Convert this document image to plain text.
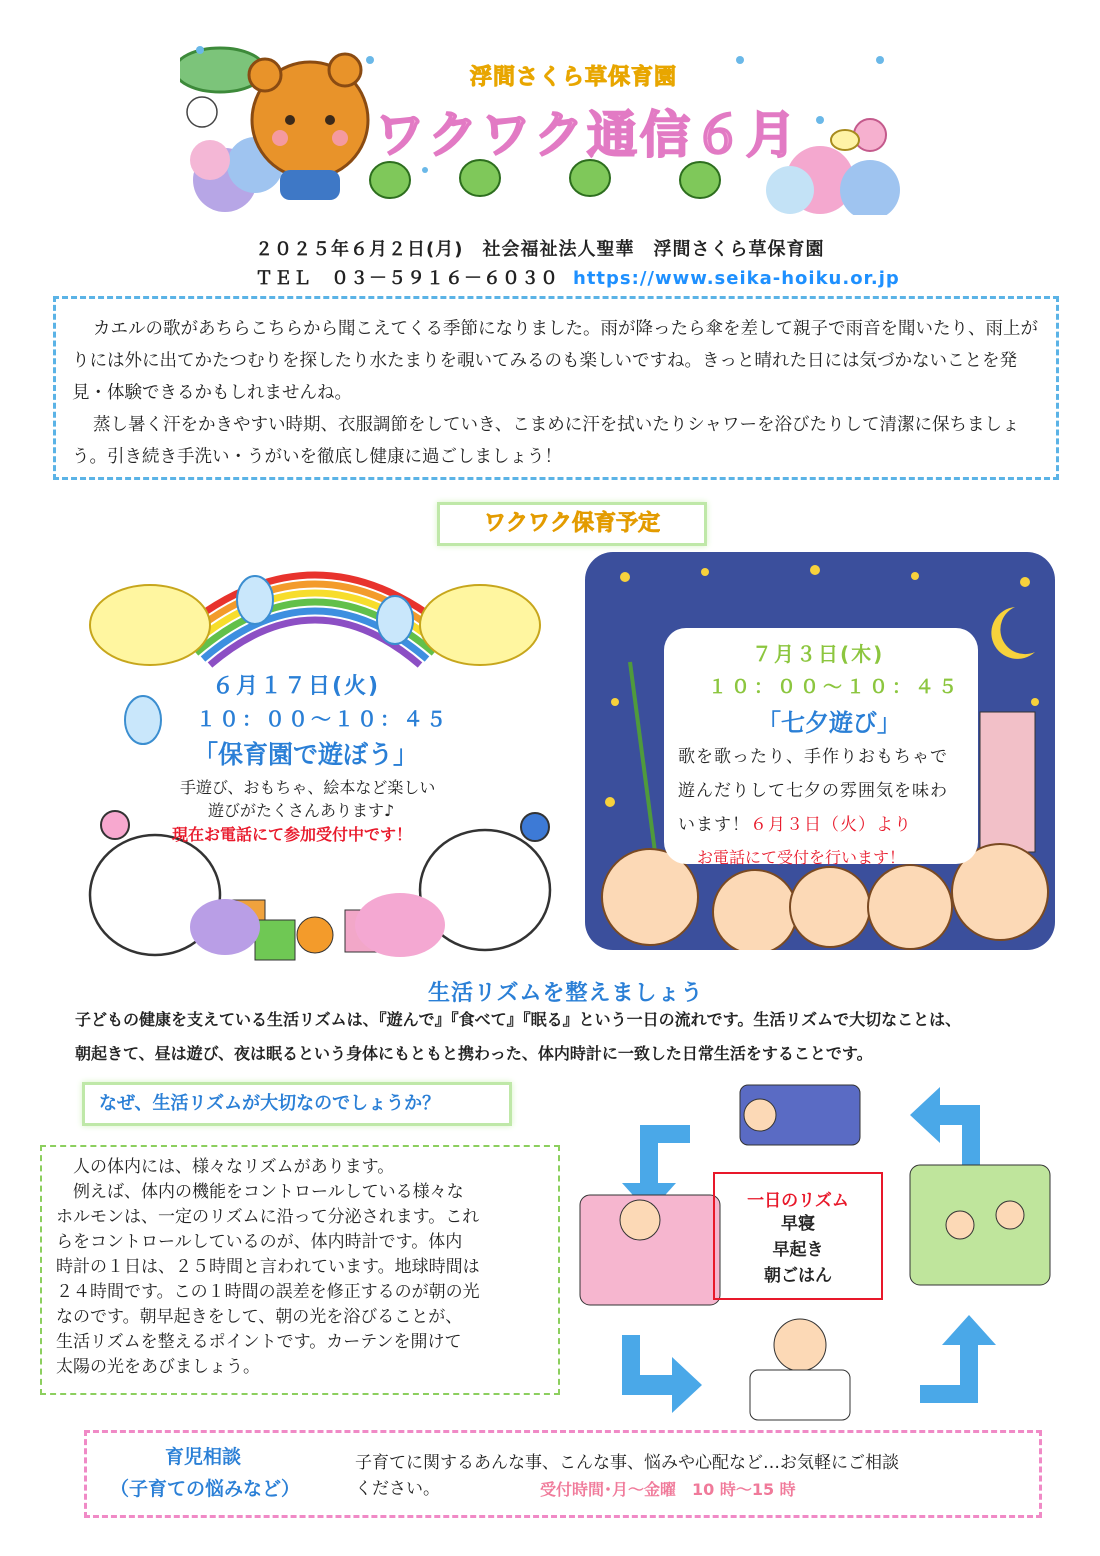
浮間さくら草保育園
ワクワク通信６月
２０２５年６月２日(月)　社会福祉法人聖華　浮間さくら草保育園
ＴＥＬ　０３－５９１６－６０３０ https://www.seika-hoiku.or.jp

カエルの歌があちらこちらから聞こえてくる季節になりました。雨が降ったら傘を差して親子で雨音を聞いたり、雨上がりには外に出てかたつむりを探したり水たまりを覗いてみるのも楽しいですね。きっと晴れた日には気づかないことを発見・体験できるかもしれませんね。

蒸し暑く汗をかきやすい時期、衣服調節をしていき、こまめに汗を拭いたりシャワーを浴びたりして清潔に保ちましょう。引き続き手洗い・うがいを徹底し健康に過ごしましょう！

ワクワク保育予定
６月１７日(火)
１０：００～１０：４５
「保育園で遊ぼう」
手遊び、おもちゃ、絵本など楽しい
遊びがたくさんあります♪
現在お電話にて参加受付中です！
７月３日(木)
１０：００～１０：４５
「七夕遊び」
歌を歌ったり、手作りおもちゃで
遊んだりして七夕の雰囲気を味わ
います！６月３日（火）より
お電話にて受付を行います！
生活リズムを整えましょう
子どもの健康を支えている生活リズムは、『遊んで』『食べて』『眠る』という一日の流れです。生活リズムで大切なことは、
朝起きて、昼は遊び、夜は眠るという身体にもともと携わった、体内時計に一致した日常生活をすることです。
なぜ、生活リズムが大切なのでしょうか？

　人の体内には、様々なリズムがあります。

　例えば、体内の機能をコントロールしている様々な

ホルモンは、一定のリズムに沿って分泌されます。これ

らをコントロールしているのが、体内時計です。体内

時計の１日は、２５時間と言われています。地球時間は

２４時間です。この１時間の誤差を修正するのが朝の光

なのです。朝早起きをして、朝の光を浴びることが、

生活リズムを整えるポイントです。カーテンを開けて

太陽の光をあびましょう。

一日のリズム
早寝
早起き
朝ごはん
育児相談
（子育ての悩みなど）
子育てに関するあんな事、こんな事、悩みや心配など…お気軽にご相談
ください。	受付時間･月～金曜　10 時～15 時
